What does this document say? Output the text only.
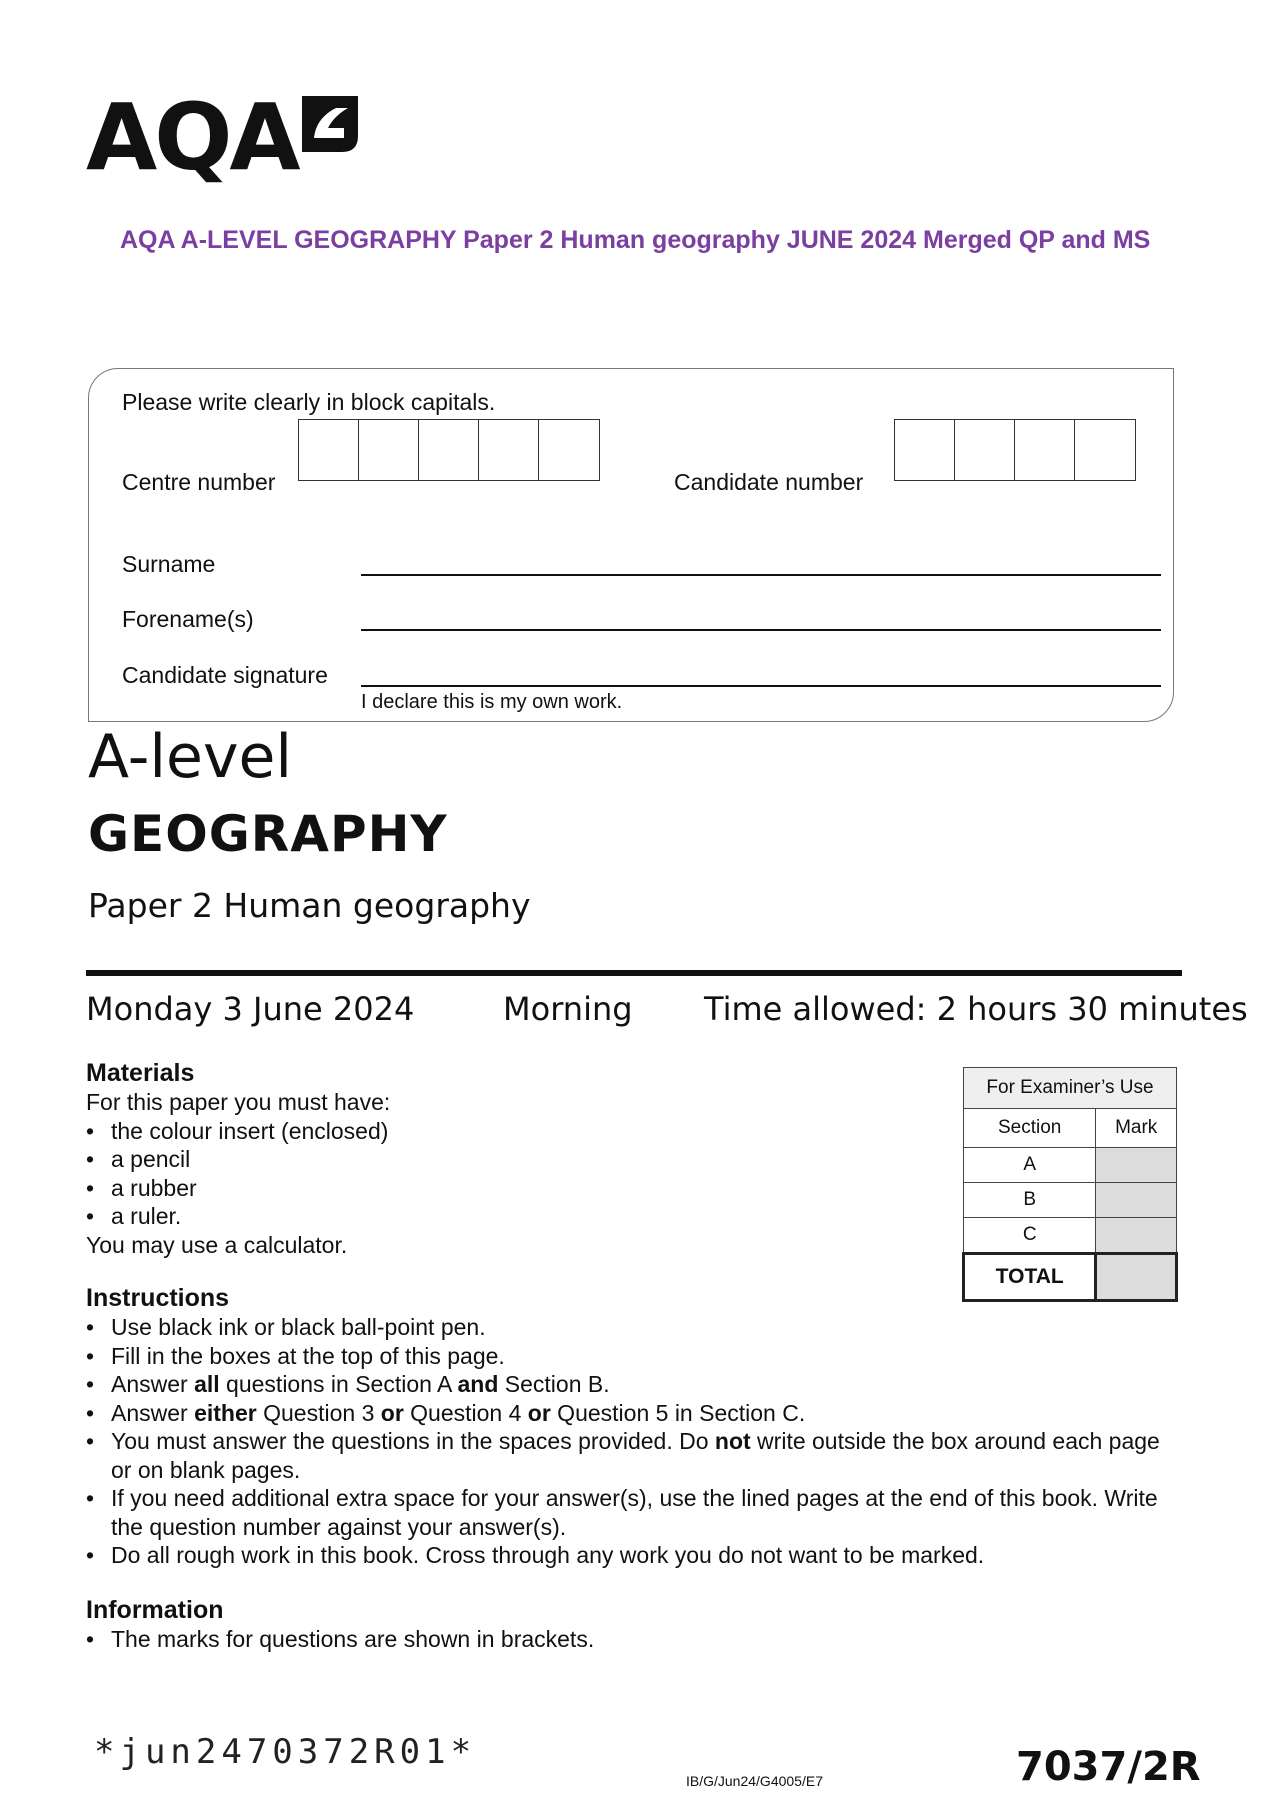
AQA
AQA A-LEVEL GEOGRAPHY Paper 2 Human geography JUNE 2024 Merged QP and MS
Please write clearly in block capitals.
Centre number	Candidate number
Surname
Forename(s)
Candidate signature
I declare this is my own work.
A-level
GEOGRAPHY
Paper 2 Human geography
Monday 3 June 2024	Morning Time allowed: 2 hours 30 minutes
Materials
For this paper you must have:
• the colour insert (enclosed)
• a pencil
• a rubber
• a ruler.
You may use a calculator.
Instructions
• Use black ink or black ball-point pen.
• Fill in the boxes at the top of this page.
• Answer all questions in Section A and Section B.
• Answer either Question 3 or Question 4 or Question 5 in Section C.
• You must answer the questions in the spaces provided. Do not write outside the box around each page or on blank pages.
• If you need additional extra space for your answer(s), use the lined pages at the end of this book. Write the question number against your answer(s).
• Do all rough work in this book. Cross through any work you do not want to be marked.
Information
• The marks for questions are shown in brackets.
For Examiner’s Use	
Section	Mark
A	
B	
C	
TOTAL	
*jun2470372R01*
IB/G/Jun24/G4005/E7	7037/2R
